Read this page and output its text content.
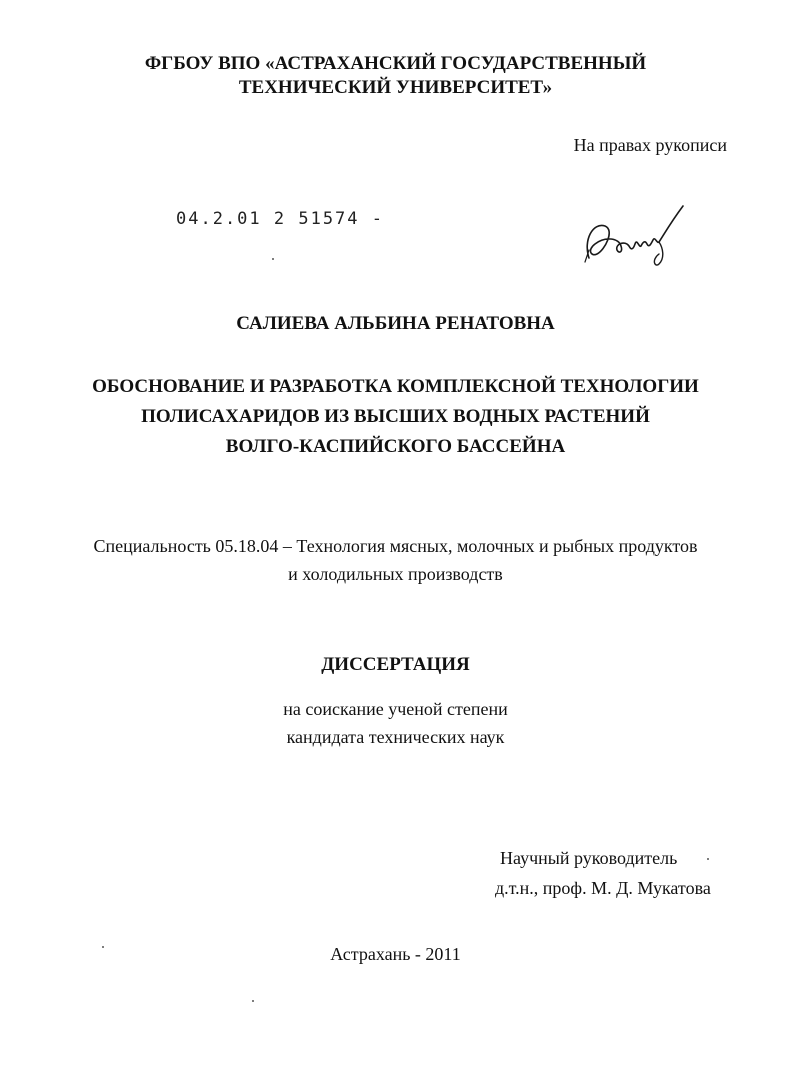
ФГБОУ ВПО «АСТРАХАНСКИЙ ГОСУДАРСТВЕННЫЙ
ТЕХНИЧЕСКИЙ УНИВЕРСИТЕТ»
На правах рукописи
04.2.01 2 51574 -
САЛИЕВА АЛЬБИНА РЕНАТОВНА
ОБОСНОВАНИЕ И РАЗРАБОТКА КОМПЛЕКСНОЙ ТЕХНОЛОГИИ
ПОЛИСАХАРИДОВ ИЗ ВЫСШИХ ВОДНЫХ РАСТЕНИЙ
ВОЛГО-КАСПИЙСКОГО БАССЕЙНА
Специальность 05.18.04 – Технология мясных, молочных и рыбных продуктов
и холодильных производств
ДИССЕРТАЦИЯ
на соискание ученой степени
кандидата технических наук
Научный руководитель
д.т.н., проф. М. Д. Мукатова
Астрахань - 2011
